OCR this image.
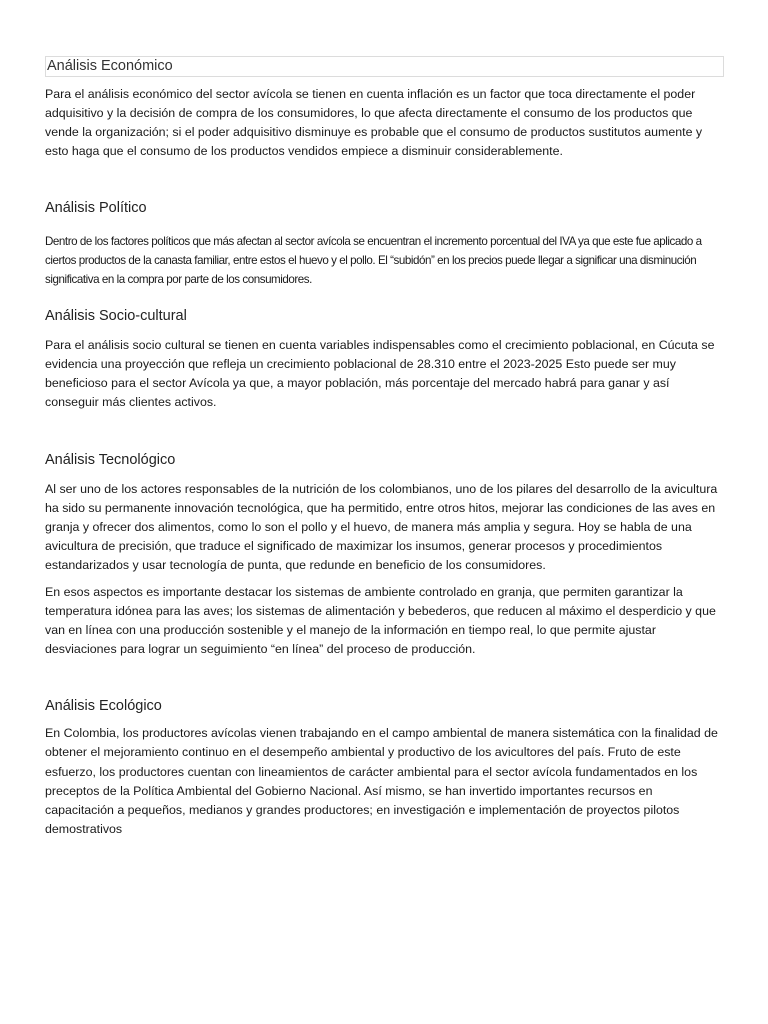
Análisis Económico

Para el análisis económico del sector avícola se tienen en cuenta inflación es un factor que toca directamente el poder adquisitivo y la decisión de compra de los consumidores, lo que afecta directamente el consumo de los productos que vende la organización; si el poder adquisitivo disminuye es probable que el consumo de productos sustitutos aumente y esto haga que el consumo de los productos vendidos empiece a disminuir considerablemente.

Análisis Político

Dentro de los factores políticos que más afectan al sector avícola se encuentran el incremento porcentual del IVA ya que este fue aplicado a ciertos productos de la canasta familiar, entre estos el huevo y el pollo. El “subidón” en los precios puede llegar a significar una disminución significativa en la compra por parte de los consumidores.

Análisis Socio-cultural

Para el análisis socio cultural se tienen en cuenta variables indispensables como el crecimiento poblacional, en Cúcuta se evidencia una proyección que refleja un crecimiento poblacional de 28.310 entre el 2023-2025 Esto puede ser muy beneficioso para el sector Avícola ya que, a mayor población, más porcentaje del mercado habrá para ganar y así conseguir más clientes activos.

Análisis Tecnológico

Al ser uno de los actores responsables de la nutrición de los colombianos, uno de los pilares del desarrollo de la avicultura ha sido su permanente innovación tecnológica, que ha permitido, entre otros hitos, mejorar las condiciones de las aves en granja y ofrecer dos alimentos, como lo son el pollo y el huevo, de manera más amplia y segura. Hoy se habla de una avicultura de precisión, que traduce el significado de maximizar los insumos, generar procesos y procedimientos estandarizados y usar tecnología de punta, que redunde en beneficio de los consumidores.

En esos aspectos es importante destacar los sistemas de ambiente controlado en granja, que permiten garantizar la temperatura idónea para las aves; los sistemas de alimentación y bebederos, que reducen al máximo el desperdicio y que van en línea con una producción sostenible y el manejo de la información en tiempo real, lo que permite ajustar desviaciones para lograr un seguimiento “en línea” del proceso de producción.

Análisis Ecológico

En Colombia, los productores avícolas vienen trabajando en el campo ambiental de manera sistemática con la finalidad de obtener el mejoramiento continuo en el desempeño ambiental y productivo de los avicultores del país. Fruto de este esfuerzo, los productores cuentan con lineamientos de carácter ambiental para el sector avícola fundamentados en los preceptos de la Política Ambiental del Gobierno Nacional. Así mismo, se han invertido importantes recursos en capacitación a pequeños, medianos y grandes productores; en investigación e implementación de proyectos pilotos demostrativos
